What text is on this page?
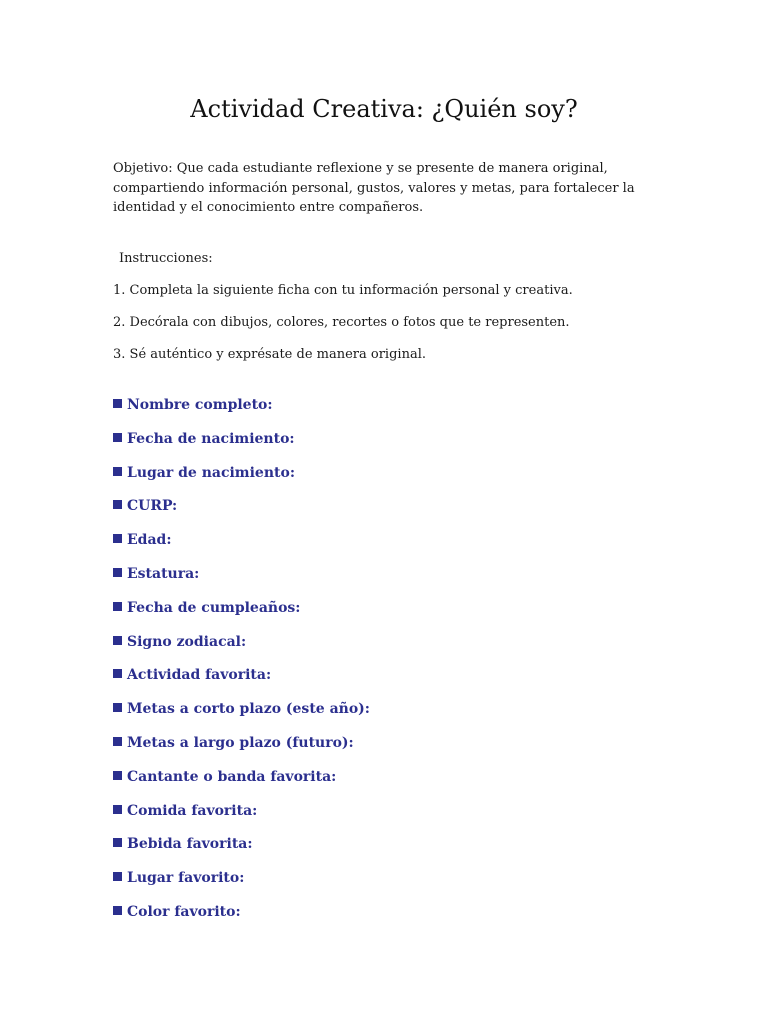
Actividad Creativa: ¿Quién soy?

Objetivo: Que cada estudiante reflexione y se presente de manera original, compartiendo información personal, gustos, valores y metas, para fortalecer la identidad y el conocimiento entre compañeros.

Instrucciones:

1. Completa la siguiente ficha con tu información personal y creativa.

2. Decórala con dibujos, colores, recortes o fotos que te representen.

3. Sé auténtico y exprésate de manera original.

Nombre completo:
Fecha de nacimiento:
Lugar de nacimiento:
CURP:
Edad:
Estatura:
Fecha de cumpleaños:
Signo zodiacal:
Actividad favorita:
Metas a corto plazo (este año):
Metas a largo plazo (futuro):
Cantante o banda favorita:
Comida favorita:
Bebida favorita:
Lugar favorito:
Color favorito:
